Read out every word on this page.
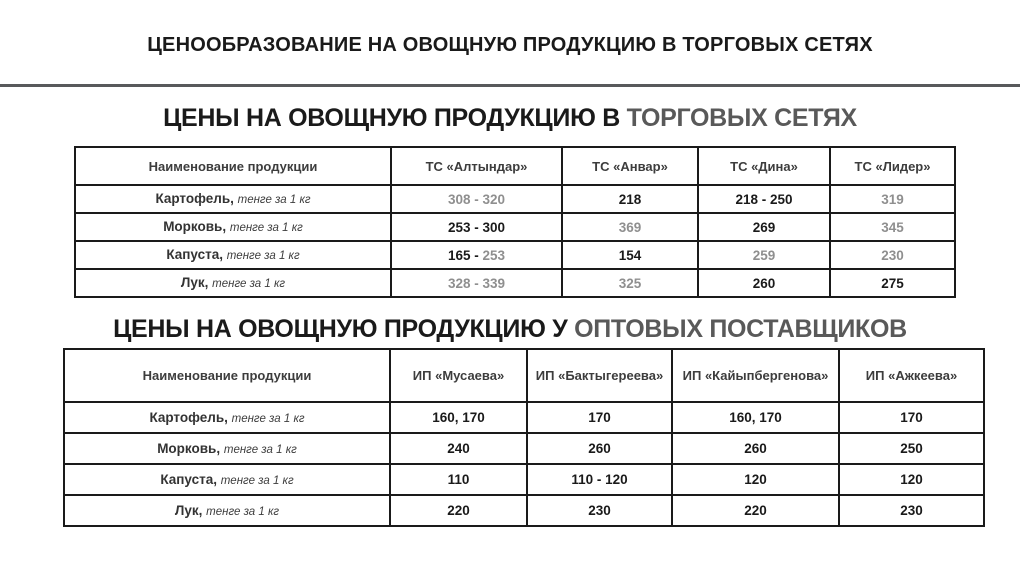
ЦЕНООБРАЗОВАНИЕ НА ОВОЩНУЮ ПРОДУКЦИЮ В ТОРГОВЫХ СЕТЯХ
ЦЕНЫ НА ОВОЩНУЮ ПРОДУКЦИЮ В ТОРГОВЫХ СЕТЯХ
Наименование продукции	ТС «Алтындар»	ТС «Анвар»	ТС «Дина»	ТС «Лидер»
Картофель, тенге за 1 кг	308 - 320	218	218 - 250	319
Морковь, тенге за 1 кг	253 - 300	369	269	345
Капуста, тенге за 1 кг	165 - 253	154	259	230
Лук, тенге за 1 кг	328 - 339	325	260	275
ЦЕНЫ НА ОВОЩНУЮ ПРОДУКЦИЮ У ОПТОВЫХ ПОСТАВЩИКОВ
Наименование продукции	ИП «Мусаева»	ИП «Бактыгереева»	ИП «Кайыпбергенова»	ИП «Ажкеева»
Картофель, тенге за 1 кг	160, 170	170	160, 170	170
Морковь, тенге за 1 кг	240	260	260	250
Капуста, тенге за 1 кг	110	110 - 120	120	120
Лук, тенге за 1 кг	220	230	220	230
